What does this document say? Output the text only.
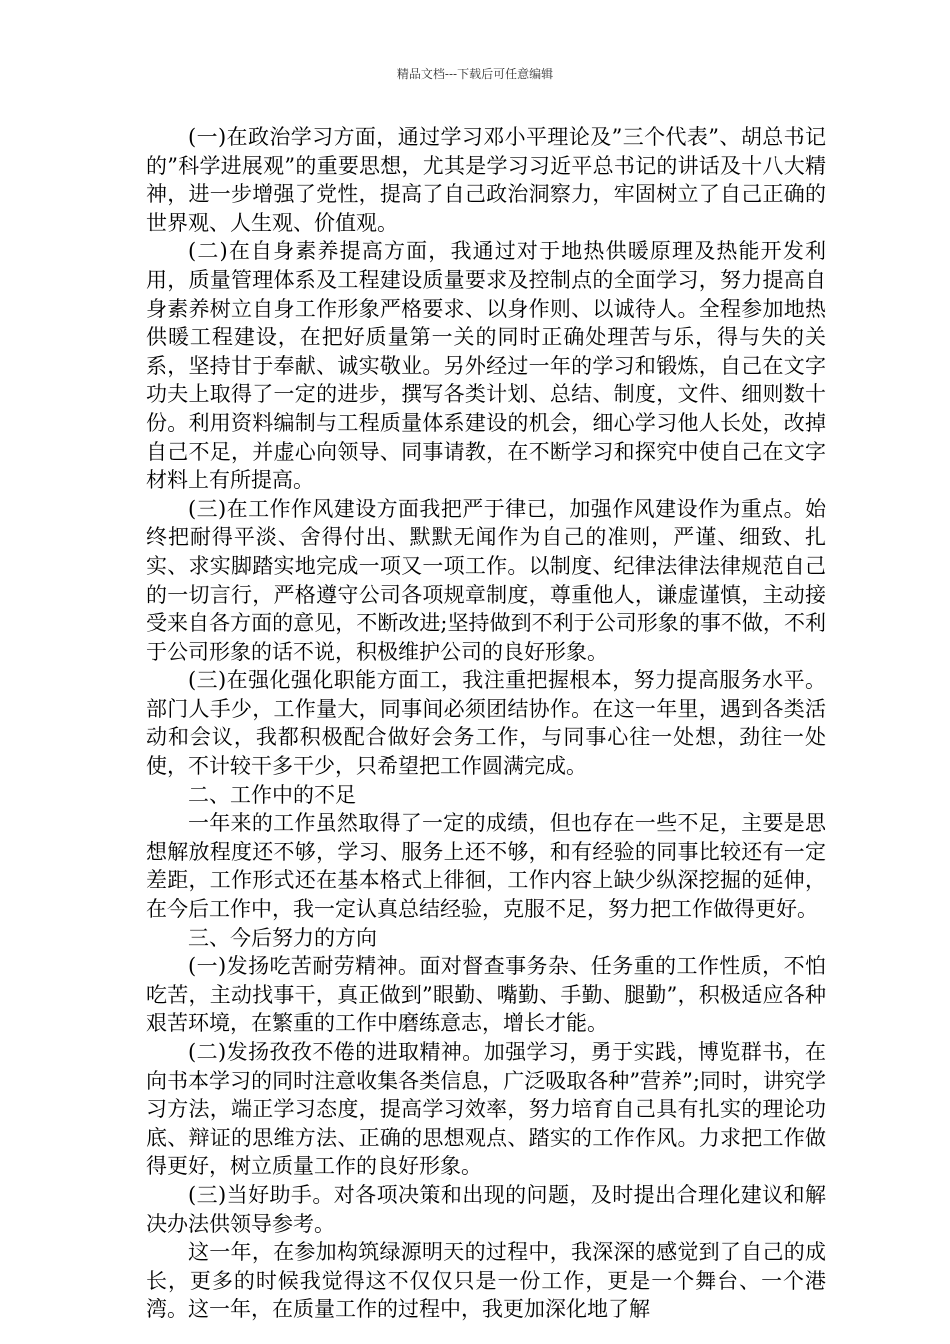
精品文档---下载后可任意编辑

(一)在政治学习方面，通过学习邓小平理论及”三个代表”、胡总书记的”科学进展观”的重要思想，尤其是学习习近平总书记的讲话及十八大精神，进一步增强了党性，提高了自己政治洞察力，牢固树立了自己正确的世界观、人生观、价值观。

(二)在自身素养提高方面，我通过对于地热供暖原理及热能开发利用，质量管理体系及工程建设质量要求及控制点的全面学习，努力提高自身素养树立自身工作形象严格要求、以身作则、以诚待人。全程参加地热供暖工程建设，在把好质量第一关的同时正确处理苦与乐，得与失的关系，坚持甘于奉献、诚实敬业。另外经过一年的学习和锻炼，自己在文字功夫上取得了一定的进步，撰写各类计划、总结、制度，文件、细则数十份。利用资料编制与工程质量体系建设的机会，细心学习他人长处，改掉自己不足，并虚心向领导、同事请教，在不断学习和探究中使自己在文字材料上有所提高。

(三)在工作作风建设方面我把严于律已，加强作风建设作为重点。始终把耐得平淡、舍得付出、默默无闻作为自己的准则，严谨、细致、扎实、求实脚踏实地完成一项又一项工作。以制度、纪律法律法律规范自己的一切言行，严格遵守公司各项规章制度，尊重他人，谦虚谨慎，主动接受来自各方面的意见，不断改进;坚持做到不利于公司形象的事不做，不利于公司形象的话不说，积极维护公司的良好形象。

(三)在强化强化职能方面工，我注重把握根本，努力提高服务水平。部门人手少，工作量大，同事间必须团结协作。在这一年里，遇到各类活动和会议，我都积极配合做好会务工作，与同事心往一处想，劲往一处使，不计较干多干少，只希望把工作圆满完成。

二、工作中的不足

一年来的工作虽然取得了一定的成绩，但也存在一些不足，主要是思想解放程度还不够，学习、服务上还不够，和有经验的同事比较还有一定差距，工作形式还在基本格式上徘徊，工作内容上缺少纵深挖掘的延伸，在今后工作中，我一定认真总结经验，克服不足，努力把工作做得更好。

三、今后努力的方向

(一)发扬吃苦耐劳精神。面对督查事务杂、任务重的工作性质，不怕吃苦，主动找事干，真正做到”眼勤、嘴勤、手勤、腿勤”，积极适应各种艰苦环境，在繁重的工作中磨练意志，增长才能。

(二)发扬孜孜不倦的进取精神。加强学习，勇于实践，博览群书，在向书本学习的同时注意收集各类信息，广泛吸取各种”营养”;同时，讲究学习方法，端正学习态度，提高学习效率，努力培育自己具有扎实的理论功底、辩证的思维方法、正确的思想观点、踏实的工作作风。力求把工作做得更好，树立质量工作的良好形象。

(三)当好助手。对各项决策和出现的问题，及时提出合理化建议和解决办法供领导参考。

这一年，在参加构筑绿源明天的过程中，我深深的感觉到了自己的成长，更多的时候我觉得这不仅仅只是一份工作，更是一个舞台、一个港湾。这一年，在质量工作的过程中，我更加深化地了解
